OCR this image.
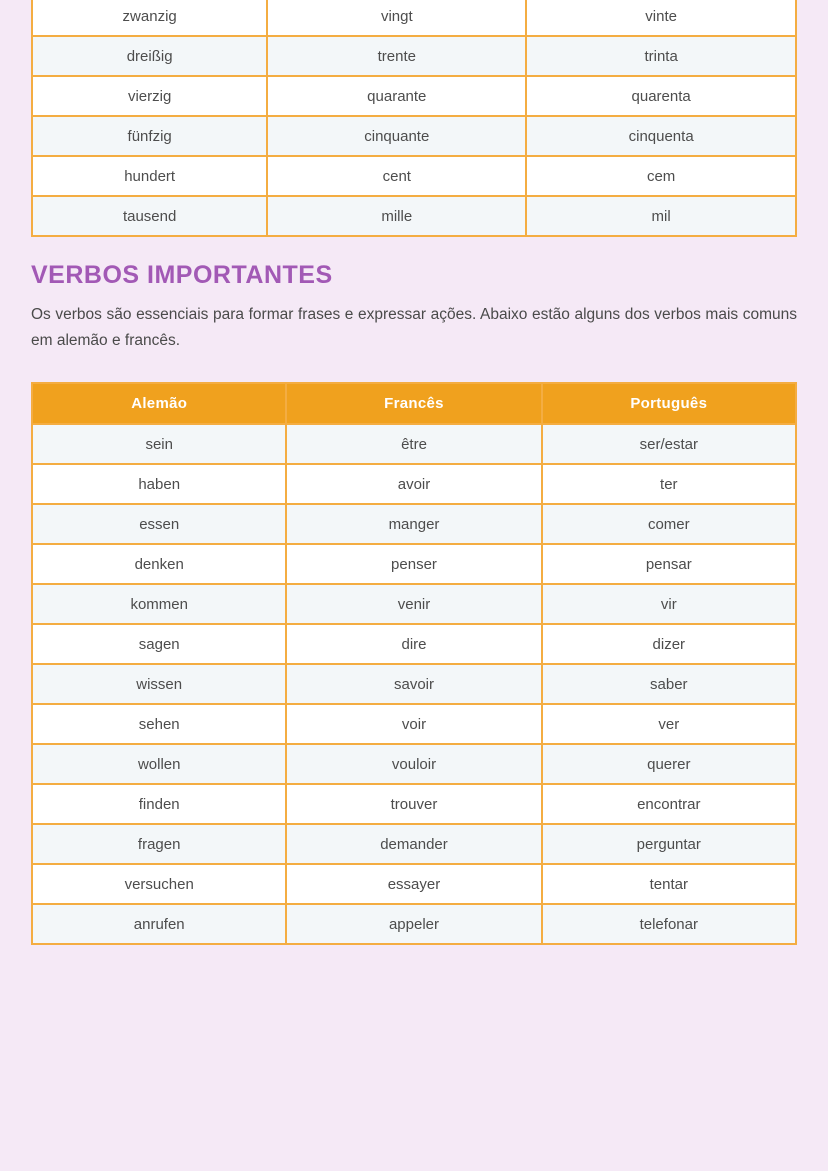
zwanzig	vingt	vinte
dreißig	trente	trinta
vierzig	quarante	quarenta
fünfzig	cinquante	cinquenta
hundert	cent	cem
tausend	mille	mil
VERBOS IMPORTANTES

Os verbos são essenciais para formar frases e expressar ações. Abaixo estão alguns dos verbos mais comuns em alemão e francês.

Alemão	Francês	Português
sein	être	ser/estar
haben	avoir	ter
essen	manger	comer
denken	penser	pensar
kommen	venir	vir
sagen	dire	dizer
wissen	savoir	saber
sehen	voir	ver
wollen	vouloir	querer
finden	trouver	encontrar
fragen	demander	perguntar
versuchen	essayer	tentar
anrufen	appeler	telefonar
